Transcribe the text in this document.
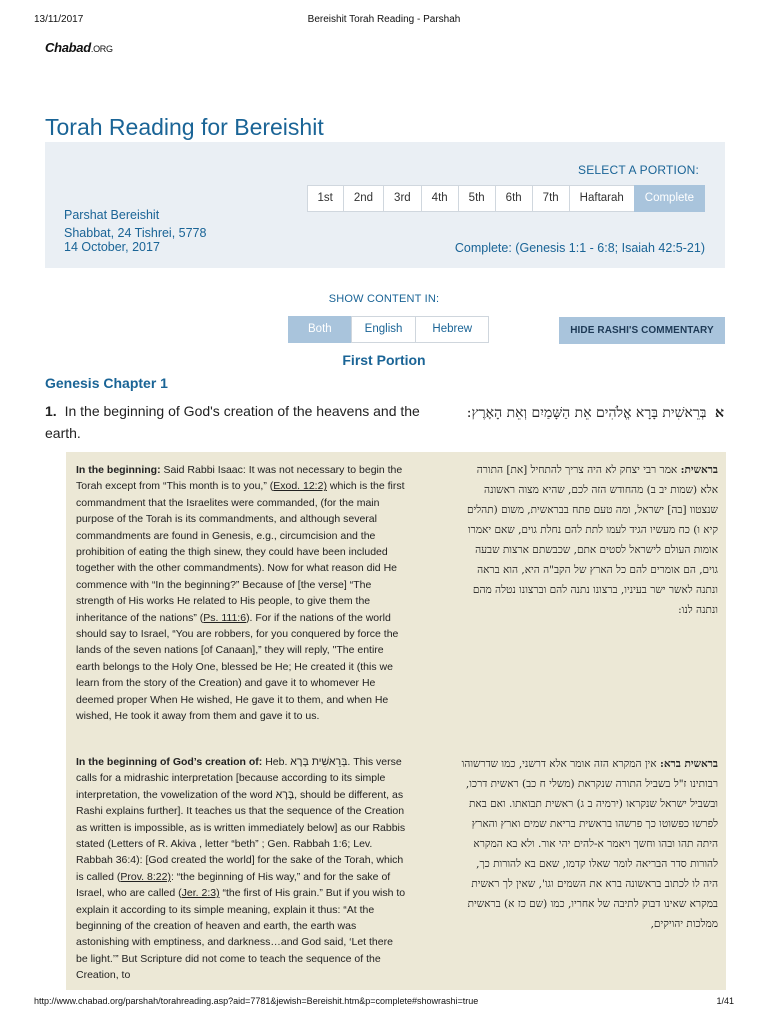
13/11/2017	Bereishit Torah Reading - Parshah
Chabad.ORG
Torah Reading for Bereishit
SELECT A PORTION:
1st	2nd	3rd	4th	5th	6th	7th	Haftarah	Complete
Parshat Bereishit
Shabbat, 24 Tishrei, 5778
14 October, 2017	Complete: (Genesis 1:1 - 6:8; Isaiah 42:5-21)
SHOW CONTENT IN:
Both	English	Hebrew	HIDE RASHI'S COMMENTARY
First Portion
Genesis Chapter 1
1. In the beginning of God's creation of the heavens and the earth.
א בְּרֵאשִׁית בָּרָא אֱלֹהִים אֵת הַשָּׁמַיִם וְאֵת הָאָרֶץ:
In the beginning: Said Rabbi Isaac: It was not necessary to begin the Torah except from “This month is to you,” (Exod. 12:2) which is the first commandment that the Israelites were commanded, (for the main purpose of the Torah is its commandments, and although several commandments are found in Genesis, e.g., circumcision and the prohibition of eating the thigh sinew, they could have been included together with the other commandments). Now for what reason did He commence with “In the beginning?” Because of [the verse] “The strength of His works He related to His people, to give them the inheritance of the nations” (Ps. 111:6). For if the nations of the world should say to Israel, “You are robbers, for you conquered by force the lands of the seven nations [of Canaan],” they will reply, "The entire earth belongs to the Holy One, blessed be He; He created it (this we learn from the story of the Creation) and gave it to whomever He deemed proper When He wished, He gave it to them, and when He wished, He took it away from them and gave it to us.
בראשית: אמר רבי יצחק לא היה צריך להתחיל [את] התורה אלא (שמות יב ב) מהחודש הזה לכם, שהיא מצוה ראשונה שנצטוו [בה] ישראל, ומה טעם פתח בבראשית, משום (תהלים קיא ו) כח מעשיו הגיד לעמו לתת להם נחלת גוים, שאם יאמרו אומות העולם לישראל לסטים אתם, שכבשתם ארצות שבעה גוים, הם אומרים להם כל הארץ של הקב"ה היא, הוא בראה ונתנה לאשר ישר בעיניו, ברצונו נתנה להם וברצונו נטלה מהם ונתנה לנו:
In the beginning of God’s creation of: Heb. בְּרֵאשִׁית בָּרָא. This verse calls for a midrashic interpretation [because according to its simple interpretation, the vowelization of the word בָּרָא, should be different, as Rashi explains further]. It teaches us that the sequence of the Creation as written is impossible, as is written immediately below] as our Rabbis stated (Letters of R. Akiva , letter “beth” ; Gen. Rabbah 1:6; Lev. Rabbah 36:4): [God created the world] for the sake of the Torah, which is called (Prov. 8:22): “the beginning of His way,” and for the sake of Israel, who are called (Jer. 2:3) “the first of His grain.” But if you wish to explain it according to its simple meaning, explain it thus: “At the beginning of the creation of heaven and earth, the earth was astonishing with emptiness, and darkness…and God said, ‘Let there be light.’” But Scripture did not come to teach the sequence of the Creation, to
בראשית ברא: אין המקרא הזה אומר אלא דרשני, כמו שדרשוהו רבותינו ז"ל בשביל התורה שנקראת (משלי ח כב) ראשית דרכו, ובשביל ישראל שנקראו (ירמיה ב ג) ראשית תבואתו. ואם באת לפרשו כפשוטו כך פרשהו בראשית בריאת שמים וארץ והארץ היתה תהו ובהו וחשך ויאמר א-להים יהי אור. ולא בא המקרא להורות סדר הבריאה לומר שאלו קדמו, שאם בא להורות כך, היה לו לכתוב בראשונה ברא את השמים וגו', שאין לך ראשית במקרא שאינו דבוק לתיבה של אחריו, כמו (שם כז א) בראשית ממלכות יהויקים,
http://www.chabad.org/parshah/torahreading.asp?aid=7781&jewish=Bereishit.htm&p=complete#showrashi=true	1/41
